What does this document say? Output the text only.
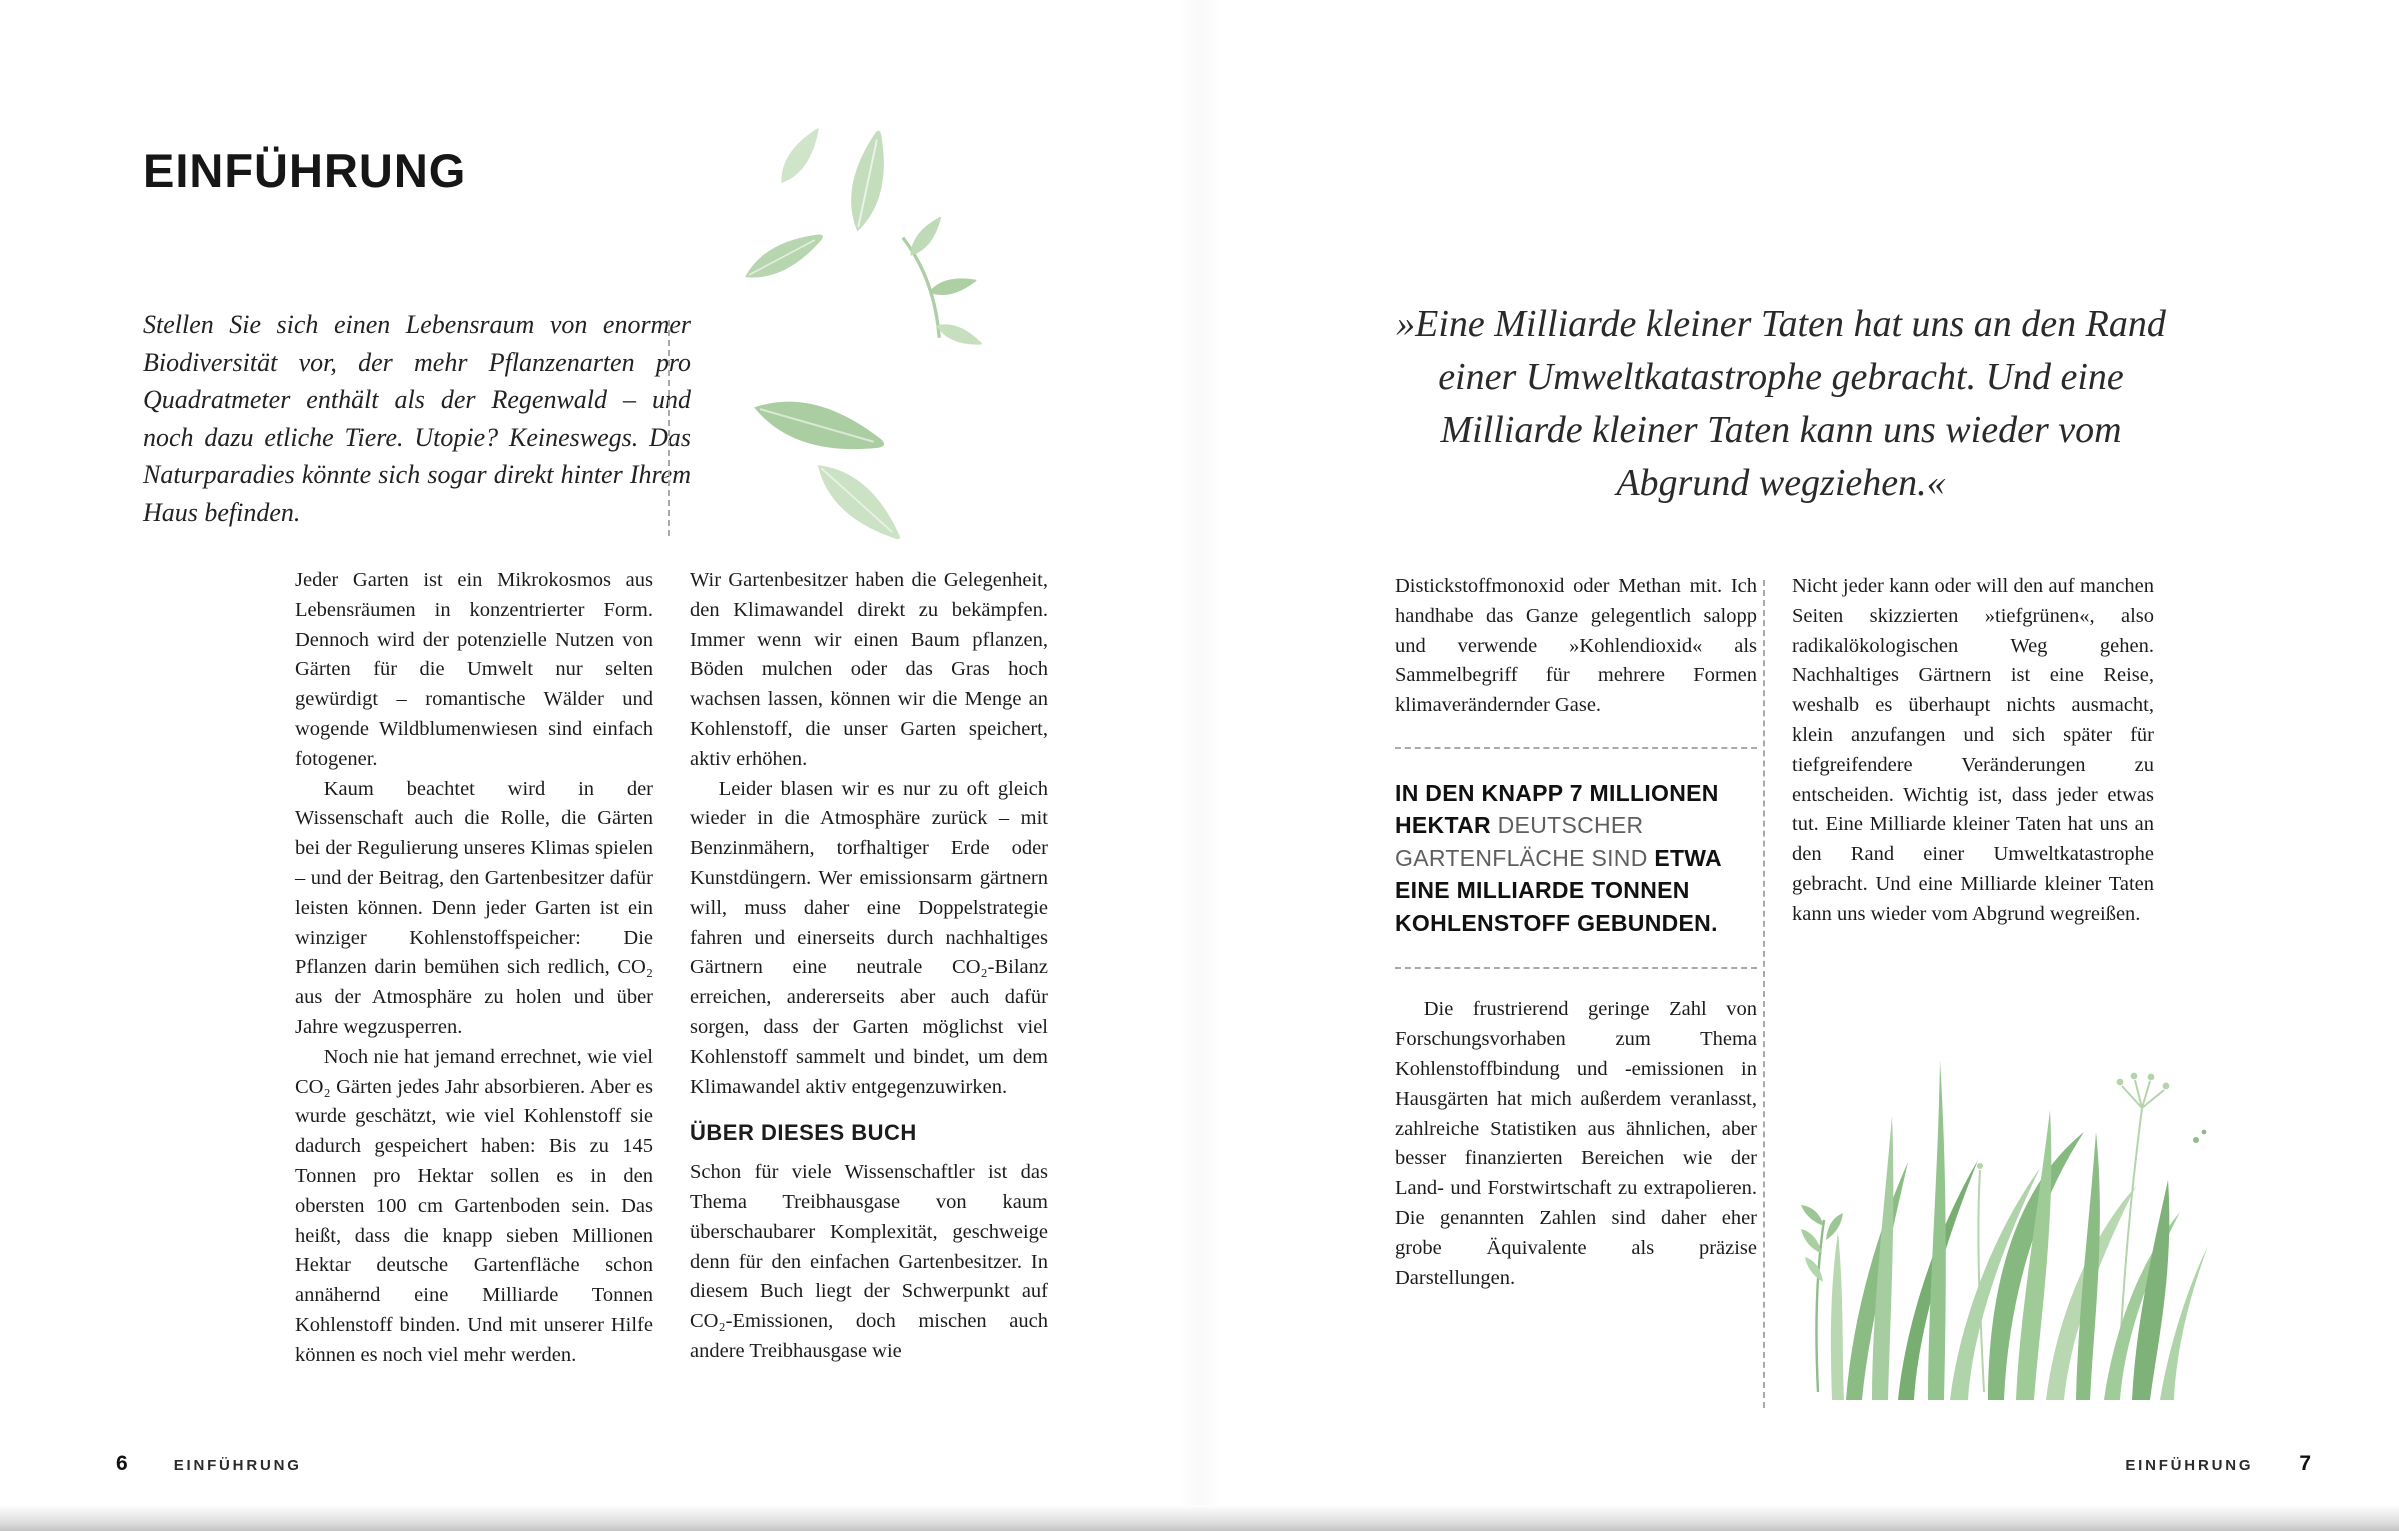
EINFÜHRUNG
Stellen Sie sich einen Lebensraum von enormer Biodiversität vor, der mehr Pflanzenarten pro Quadratmeter enthält als der Regenwald – und noch dazu etliche Tiere. Utopie? Keineswegs. Das Naturparadies könnte sich sogar direkt hinter Ihrem Haus befinden.

Jeder Garten ist ein Mikrokosmos aus Lebensräumen in konzentrierter Form. Dennoch wird der potenzielle Nutzen von Gärten für die Umwelt nur selten gewürdigt – romantische Wälder und wogende Wildblumenwiesen sind einfach fotogener.

Kaum beachtet wird in der Wissenschaft auch die Rolle, die Gärten bei der Regulierung unseres Klimas spielen – und der Beitrag, den Gartenbesitzer dafür leisten können. Denn jeder Garten ist ein winziger Kohlenstoffspeicher: Die Pflanzen darin bemühen sich redlich, CO₂ aus der Atmosphäre zu holen und über Jahre wegzusperren.

Noch nie hat jemand errechnet, wie viel CO₂ Gärten jedes Jahr absorbieren. Aber es wurde geschätzt, wie viel Kohlenstoff sie dadurch gespeichert haben: Bis zu 145 Tonnen pro Hektar sollen es in den obersten 100 cm Gartenboden sein. Das heißt, dass die knapp sieben Millionen Hektar deutsche Gartenfläche schon annähernd eine Milliarde Tonnen Kohlenstoff binden. Und mit unserer Hilfe können es noch viel mehr werden.

Wir Gartenbesitzer haben die Gelegenheit, den Klimawandel direkt zu bekämpfen. Immer wenn wir einen Baum pflanzen, Böden mulchen oder das Gras hoch wachsen lassen, können wir die Menge an Kohlenstoff, die unser Garten speichert, aktiv erhöhen.

Leider blasen wir es nur zu oft gleich wieder in die Atmosphäre zurück – mit Benzinmähern, torfhaltiger Erde oder Kunstdüngern. Wer emissionsarm gärtnern will, muss daher eine Doppelstrategie fahren und einerseits durch nachhaltiges Gärtnern eine neutrale CO₂-Bilanz erreichen, andererseits aber auch dafür sorgen, dass der Garten möglichst viel Kohlenstoff sammelt und bindet, um dem Klimawandel aktiv entgegenzuwirken.

ÜBER DIESES BUCH

Schon für viele Wissenschaftler ist das Thema Treibhausgase von kaum überschaubarer Komplexität, geschweige denn für den einfachen Gartenbesitzer. In diesem Buch liegt der Schwerpunkt auf CO₂-Emissionen, doch mischen auch andere Treibhausgase wie

6	EINFÜHRUNG
»Eine Milliarde kleiner Taten hat uns an den Rand einer Umweltkatastrophe gebracht. Und eine Milliarde kleiner Taten kann uns wieder vom Abgrund wegziehen.«

Distickstoffmonoxid oder Methan mit. Ich handhabe das Ganze gelegentlich salopp und verwende »Kohlendioxid« als Sammelbegriff für mehrere Formen klimaverändernder Gase.

IN DEN KNAPP 7 MILLIONEN HEKTAR DEUTSCHER GARTENFLÄCHE SIND ETWA EINE MILLIARDE TONNEN KOHLENSTOFF GEBUNDEN.

Die frustrierend geringe Zahl von Forschungsvorhaben zum Thema Kohlenstoffbindung und -emissionen in Hausgärten hat mich außerdem veranlasst, zahlreiche Statistiken aus ähnlichen, aber besser finanzierten Bereichen wie der Land- und Forstwirtschaft zu extrapolieren. Die genannten Zahlen sind daher eher grobe Äquivalente als präzise Darstellungen.

Nicht jeder kann oder will den auf manchen Seiten skizzierten »tiefgrünen«, also radikalökologischen Weg gehen. Nachhaltiges Gärtnern ist eine Reise, weshalb es überhaupt nichts ausmacht, klein anzufangen und sich später für tiefgreifendere Veränderungen zu entscheiden. Wichtig ist, dass jeder etwas tut. Eine Milliarde kleiner Taten hat uns an den Rand einer Umweltkatastrophe gebracht. Und eine Milliarde kleiner Taten kann uns wieder vom Abgrund wegreißen.

EINFÜHRUNG 7
